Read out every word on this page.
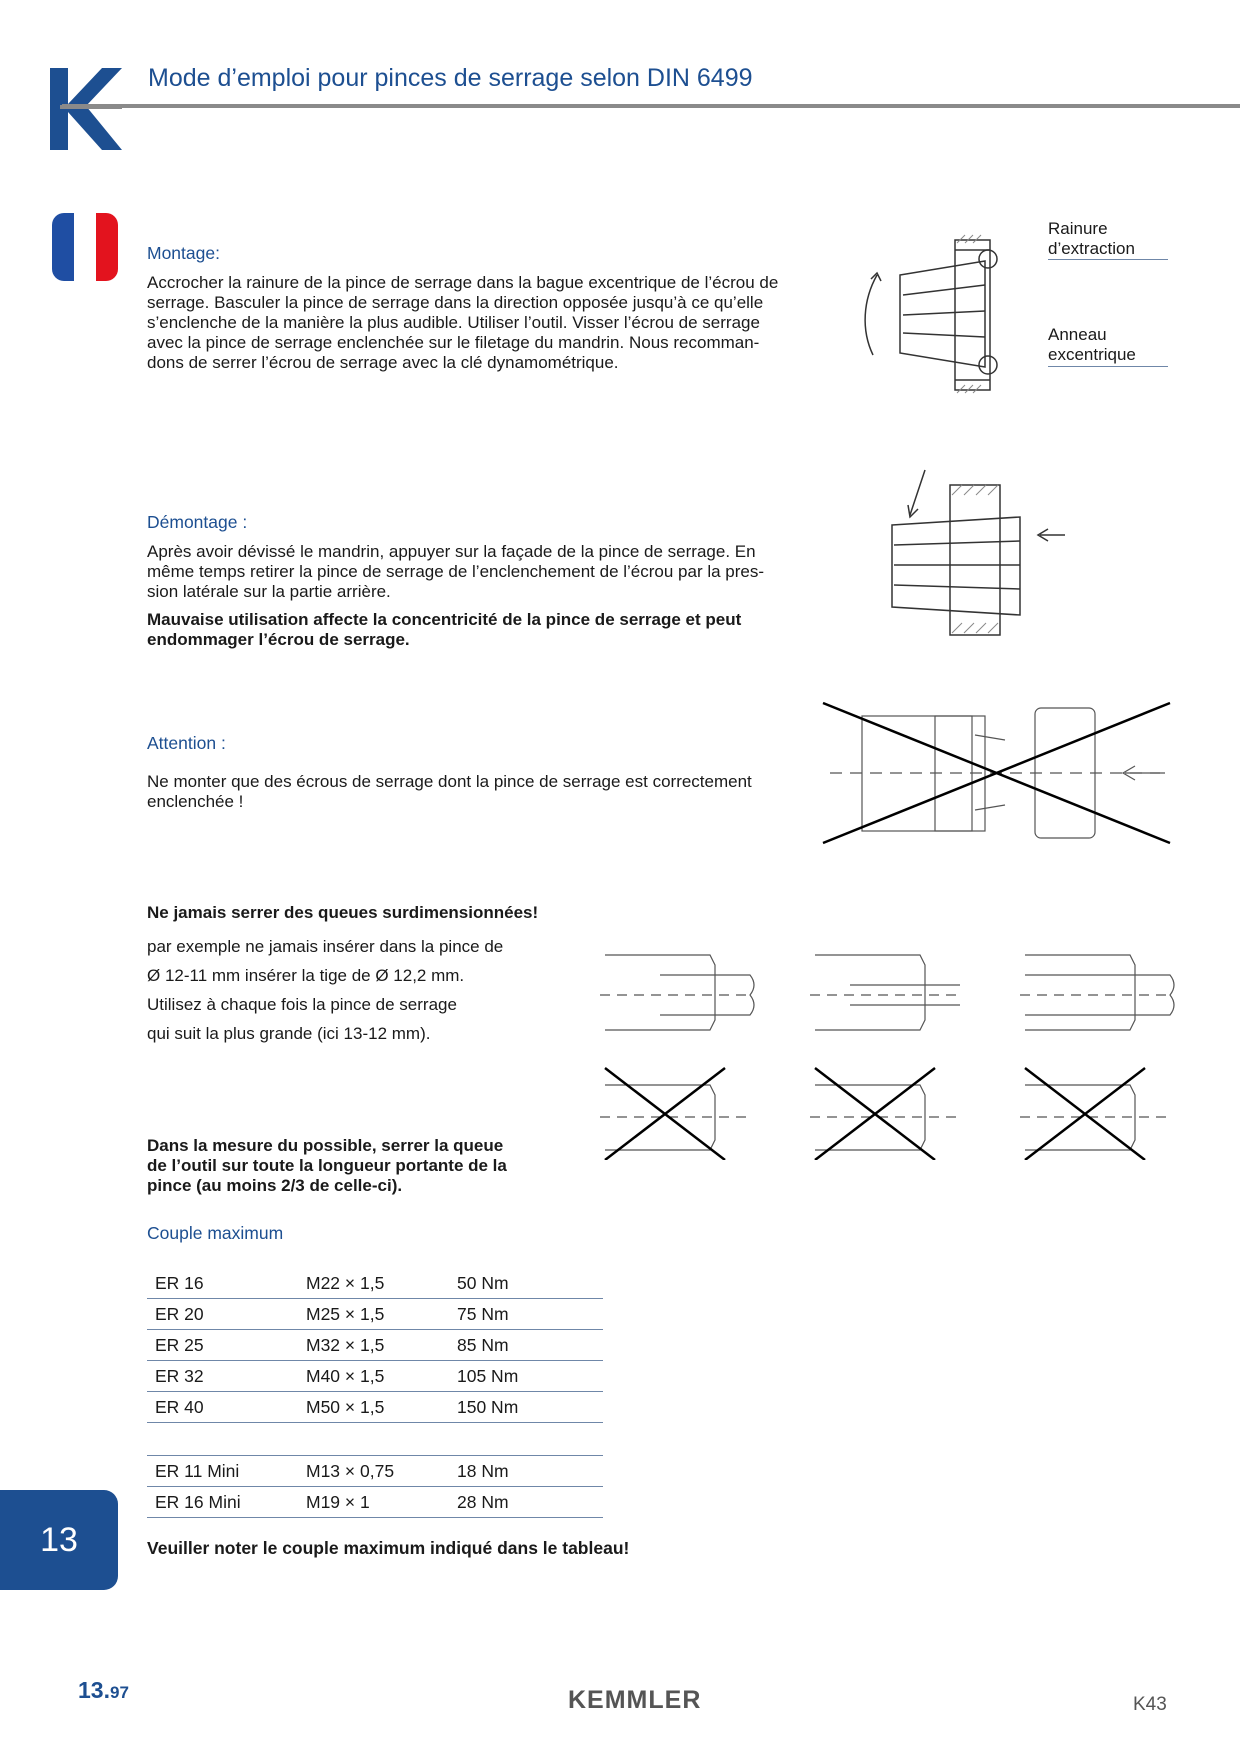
Mode d’emploi pour pinces de serrage selon DIN 6499
Montage:
Accrocher la rainure de la pince de serrage dans la bague excentrique de l’écrou de
serrage. Basculer la pince de serrage dans la direction opposée jusqu’à ce qu’elle
s’enclenche de la manière la plus audible. Utiliser l’outil. Visser l’écrou de serrage
avec la pince de serrage enclenchée sur le filetage du mandrin. Nous recomman-
dons de serrer l’écrou de serrage avec la clé dynamométrique.
Rainure
d’extraction
Anneau
excentrique
Démontage :
Après avoir dévissé le mandrin, appuyer sur la façade de la pince de serrage. En
même temps retirer la pince de serrage de l’enclenchement de l’écrou par la pres-
sion latérale sur la partie arrière.
Mauvaise utilisation affecte la concentricité de la pince de serrage et peut
endommager l’écrou de serrage.
Attention :
Ne monter que des écrous de serrage dont la pince de serrage est correctement
enclenchée !
Ne jamais serrer des queues surdimensionnées!
par exemple ne jamais insérer dans la pince de
Ø 12-11 mm insérer la tige de Ø 12,2 mm.
Utilisez à chaque fois la pince de serrage
qui suit la plus grande (ici 13-12 mm).
Dans la mesure du possible, serrer la queue
de l’outil sur toute la longueur portante de la
pince (au moins 2/3 de celle-ci).
Couple maximum
ER 16	M22 × 1,5	50 Nm
ER 20	M25 × 1,5	75 Nm
ER 25	M32 × 1,5	85 Nm
ER 32	M40 × 1,5	105 Nm
ER 40	M50 × 1,5	150 Nm
ER 11 Mini	M13 × 0,75	18 Nm
ER 16 Mini	M19 × 1	28 Nm
Veuiller noter le couple maximum indiqué dans le tableau!
13
13.97	KEMMLER	K43
